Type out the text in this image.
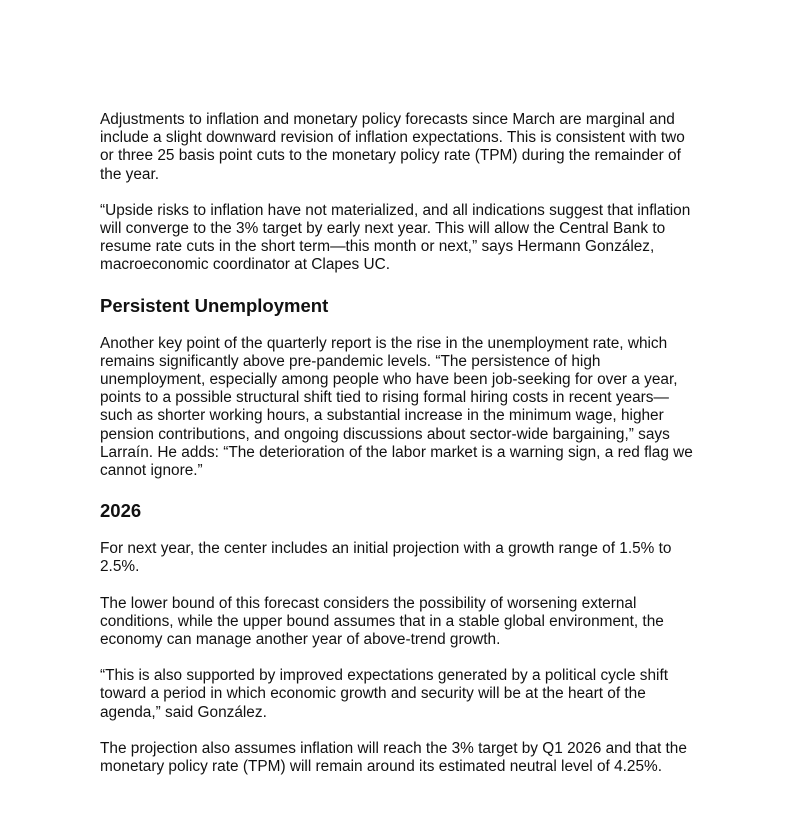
Adjustments to inflation and monetary policy forecasts since March are marginal and include a slight downward revision of inflation expectations. This is consistent with two or three 25 basis point cuts to the monetary policy rate (TPM) during the remainder of the year.

“Upside risks to inflation have not materialized, and all indications suggest that inflation will converge to the 3% target by early next year. This will allow the Central Bank to resume rate cuts in the short term—this month or next,” says Hermann González, macroeconomic coordinator at Clapes UC.

Persistent Unemployment

Another key point of the quarterly report is the rise in the unemployment rate, which remains significantly above pre-pandemic levels. “The persistence of high unemployment, especially among people who have been job-seeking for over a year, points to a possible structural shift tied to rising formal hiring costs in recent years—such as shorter working hours, a substantial increase in the minimum wage, higher pension contributions, and ongoing discussions about sector-wide bargaining,” says Larraín. He adds: “The deterioration of the labor market is a warning sign, a red flag we cannot ignore.”

2026

For next year, the center includes an initial projection with a growth range of 1.5% to 2.5%.

The lower bound of this forecast considers the possibility of worsening external conditions, while the upper bound assumes that in a stable global environment, the economy can manage another year of above-trend growth.

“This is also supported by improved expectations generated by a political cycle shift toward a period in which economic growth and security will be at the heart of the agenda,” said González.

The projection also assumes inflation will reach the 3% target by Q1 2026 and that the monetary policy rate (TPM) will remain around its estimated neutral level of 4.25%.
